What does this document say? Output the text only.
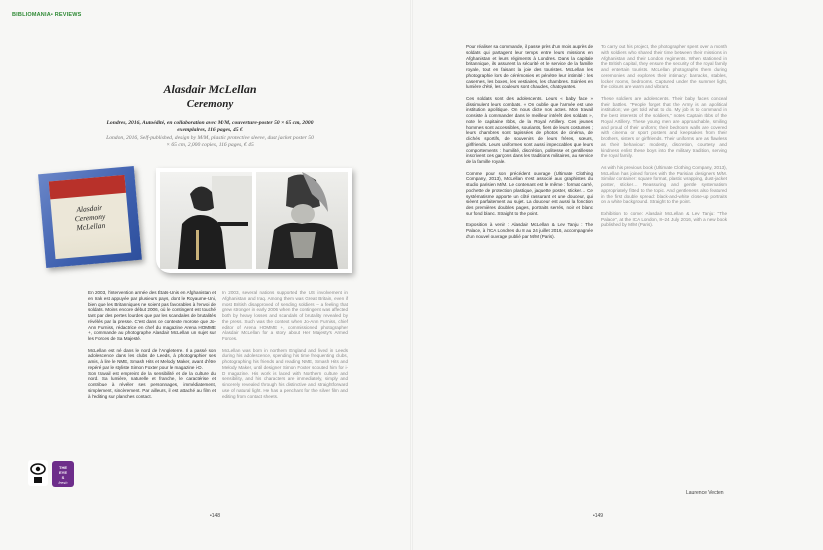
BIBLIOMANIA• REVIEWS
Alasdair McLellan
Ceremony
Londres, 2016, Autoédité, en collaboration avec M/M, couverture-poster 50 × 65 cm, 2000 exemplaires, 116 pages, 45 €
London, 2016, Self-published, design by M/M, plastic protective sleeve, dust jacket poster 50 × 65 cm, 2,000 copies, 116 pages, € 45
Alasdair
Ceremony
McLellan
En 2003, l'intervention armée des États-Unis en Afghanistan et en Irak est appuyée par plusieurs pays, dont le Royaume-Uni, bien que les Britanniques ne soient pas favorables à l'envoi de soldats. Moins encore début 2006, où le contingent est touché tant par des pertes lourdes que par les scandales de brutalités révélés par la presse. C'est dans ce contexte morose que Jo-Ann Furniss, rédactrice en chef du magazine Arena HOMME +, commande au photographe Alasdair McLellan un sujet sur les Forces de Sa Majesté.

McLellan est né dans le nord de l'Angleterre. Il a passé son adolescence dans les clubs de Leeds, à photographier ses amis, à lire le NME, Smash Hits et Melody Maker, avant d'être repéré par le styliste Simon Foxter pour le magazine i-D.
Son travail est empreint de la sensibilité et de la culture du nord. Sa lumière, naturelle et franche, le caractérise et contribue à révéler ses personnages, immédiatement, simplement, sincèrement. Par ailleurs, il est attaché au film et à l'editing sur planches contact.
In 2003, several nations supported the US involvement in Afghanistan and Iraq. Among them was Great Britain, even if most British disapproved of sending soldiers – a feeling that grew stronger in early 2006 when the contingent was affected both by heavy losses and scandals of brutality revealed by the press. Such was the context when Jo-Ann Furniss, chief editor of Arena HOMME +, commissioned photographer Alasdair McLellan for a story about Her Majesty's Armed Forces.

McLellan was born in northern England and lived in Leeds during his adolescence, spending his time frequenting clubs, photographing his friends and reading NME, Smash Hits and Melody Maker, until designer Simon Foxter scouted him for i-D magazine. His work is laced with Northern culture and sensibility, and his characters are immediately, simply and sincerely revealed through his distinctive and straightforward use of natural light. He has a penchant for the silver film and editing from contact sheets.
Pour réaliser sa commande, il passe près d'un mois auprès de soldats qui partagent leur temps entre leurs missions en Afghanistan et leurs régiments à Londres. Dans la capitale britannique, ils assurent la sécurité et le service de la famille royale, tout en faisant la joie des touristes. McLellan les photographie lors de cérémonies et pénètre leur intimité : les casernes, les boxes, les vestiaires, les chambres. Soirées en lumière d'été, les couleurs sont chaudes, chatoyantes.

Ces soldats sont des adolescents. Leurs « baby face » dissimulent leurs combats. « On oublie que l'armée est une institution apolitique. On nous dicte nos actes. Mon travail consiste à commander dans le meilleur intérêt des soldats », note le capitaine Ibbs, de la Royal Artillery. Ces jeunes hommes sont accessibles, souriants, fiers de leurs costumes ; leurs chambres sont tapissées de photos de cinéma, de clichés sportifs, de souvenirs de leurs frères, sœurs, girlfriends. Leurs uniformes sont aussi impeccables que leurs comportements : humilité, discrétion, politesse et gentillesse inscrivent ces garçons dans les traditions militaires, au service de la famille royale.

Comme pour son précédent ouvrage (Ultimate Clothing Company, 2013), McLellan s'est associé aux graphistes du studio parisien M/M. Le contenant est le même : format carré, pochette de protection plastique, jaquette poster, sticker… Ce systématisme apporte un côté rassurant et une douceur, qui sièent parfaitement au sujet. La douceur est aussi la fonction des premières doubles pages, portraits serrés, noir et blanc sur fond blanc. Straight to the point.

Exposition à venir : Alasdair McLellan & Lev Tanju : The Palace, à l'ICA Londres du 8 au 24 juillet 2016, accompagnée d'un nouvel ouvrage publié par M/M (Paris).
To carry out his project, the photographer spent over a month with soldiers who shared their time between their missions in Afghanistan and their London regiments. When stationed in the British capital, they ensure the security of the royal family and entertain tourists. McLellan photographs them during ceremonies and explores their intimacy: barracks, stables, locker rooms, bedrooms. Captured under the summer light, the colours are warm and vibrant.

These soldiers are adolescents. Their baby faces conceal their battles. "People forget that the Army is an apolitical institution; we get told what to do. My job is to command in the best interests of the soldiers," notes Captain Ibbs of the Royal Artillery. These young men are approachable, smiling and proud of their uniform; their bedroom walls are covered with cinema or sport posters and keepsakes from their brothers, sisters or girlfriends. Their uniforms are as flawless as their behaviour: modesty, discretion, courtesy and kindness enlist these boys into the military tradition, serving the royal family.

As with his previous book (Ultimate Clothing Company, 2013), McLellan has joined forces with the Parisian designers M/M. Similar container: square format, plastic wrapping, dust-jacket poster, sticker… Reassuring and gentle systematism appropriately fitted to the topic. And gentleness also featured in the first double spread: black-and-white close-up portraits on a white background. Straight to the point.

Exhibition to come: Alasdair McLellan & Lev Tanju: "The Palace", at the ICA London, 8–24 July 2016, with a new book published by M/M (Paris).
THE
EYE
S
fresh
Laurence Vecten
•148	•149
